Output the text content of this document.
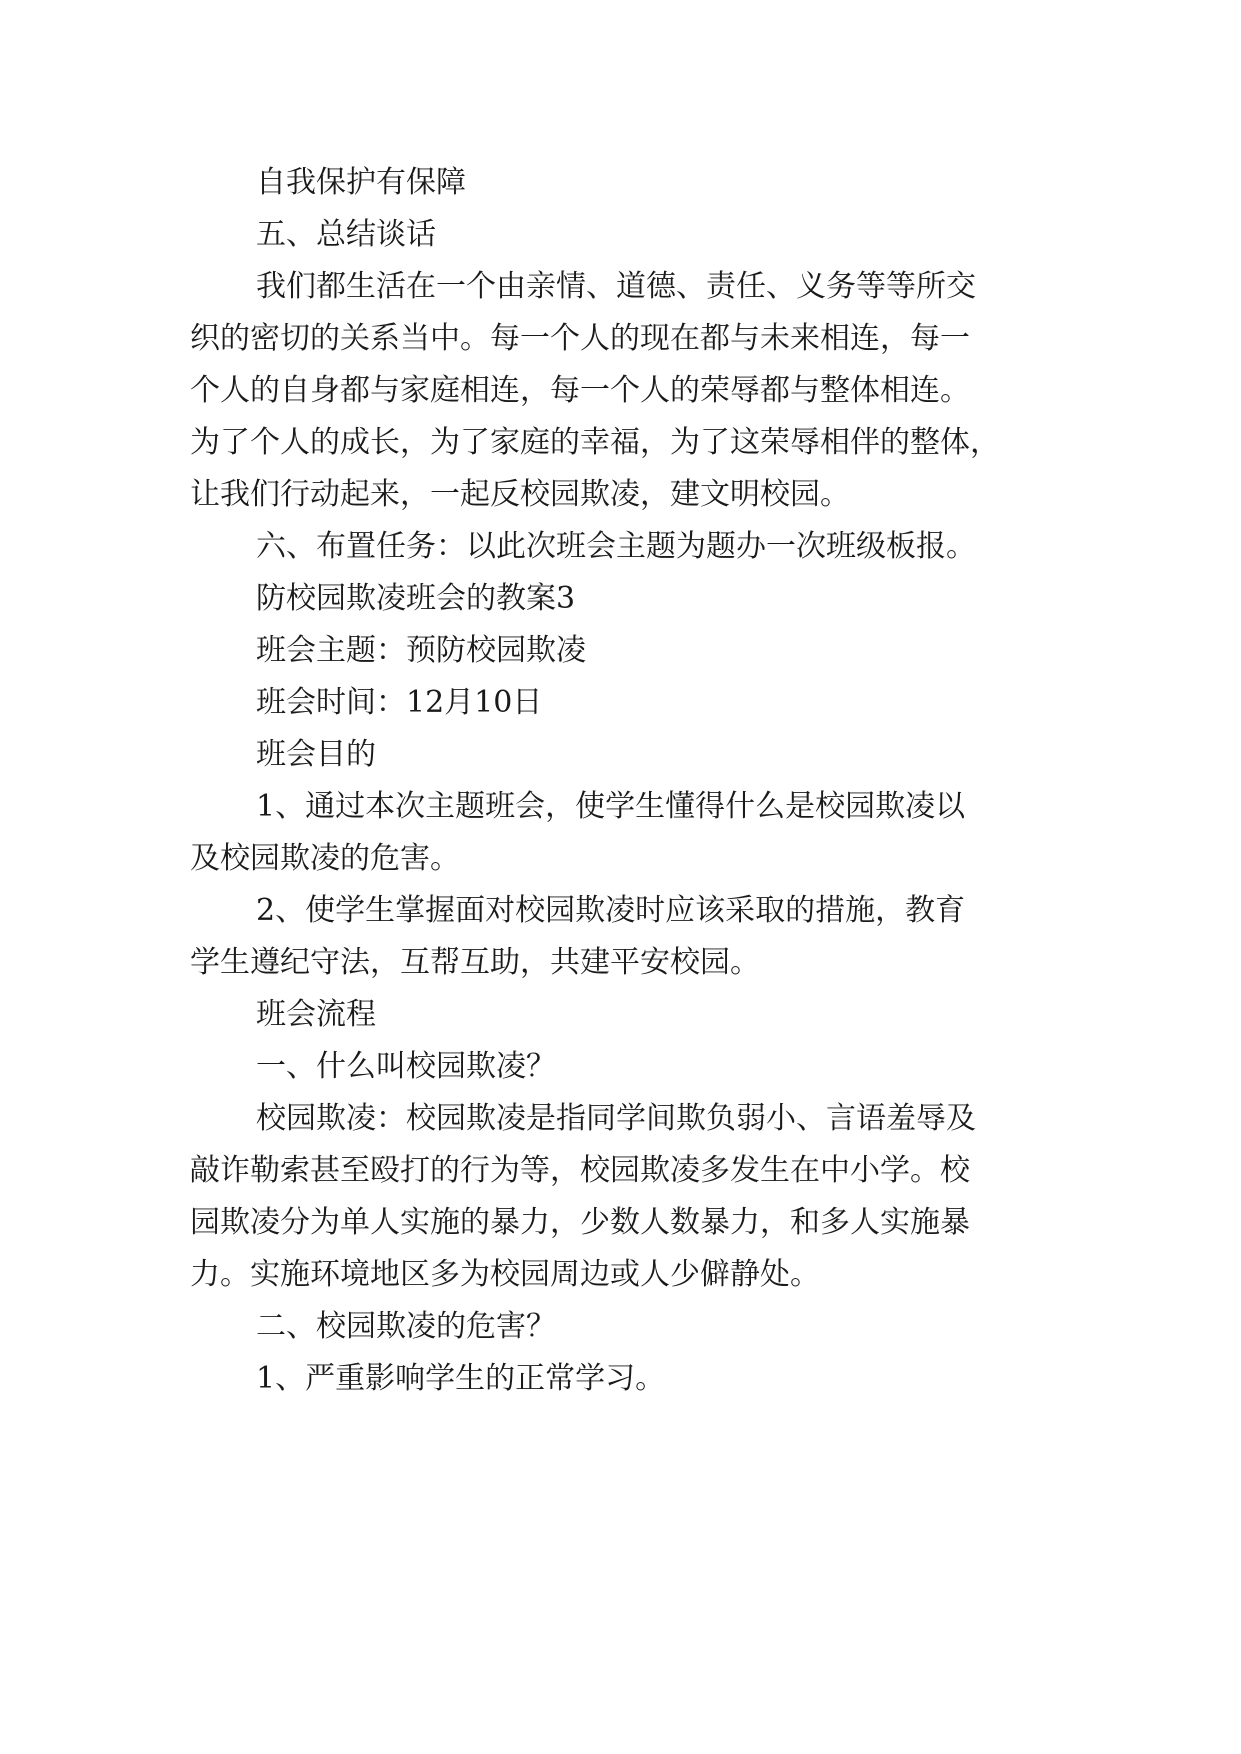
自我保护有保障
五、总结谈话
我们都生活在一个由亲情、道德、责任、义务等等所交
织的密切的关系当中。每一个人的现在都与未来相连，每一
个人的自身都与家庭相连，每一个人的荣辱都与整体相连。
为了个人的成长，为了家庭的幸福，为了这荣辱相伴的整体，
让我们行动起来，一起反校园欺凌，建文明校园。
六、布置任务：以此次班会主题为题办一次班级板报。
防校园欺凌班会的教案3
班会主题：预防校园欺凌
班会时间：12月10日
班会目的
1、通过本次主题班会，使学生懂得什么是校园欺凌以
及校园欺凌的危害。
2、使学生掌握面对校园欺凌时应该采取的措施，教育
学生遵纪守法，互帮互助，共建平安校园。
班会流程
一、什么叫校园欺凌？
校园欺凌：校园欺凌是指同学间欺负弱小、言语羞辱及
敲诈勒索甚至殴打的行为等，校园欺凌多发生在中小学。校
园欺凌分为单人实施的暴力，少数人数暴力，和多人实施暴
力。实施环境地区多为校园周边或人少僻静处。
二、校园欺凌的危害？
1、严重影响学生的正常学习。
